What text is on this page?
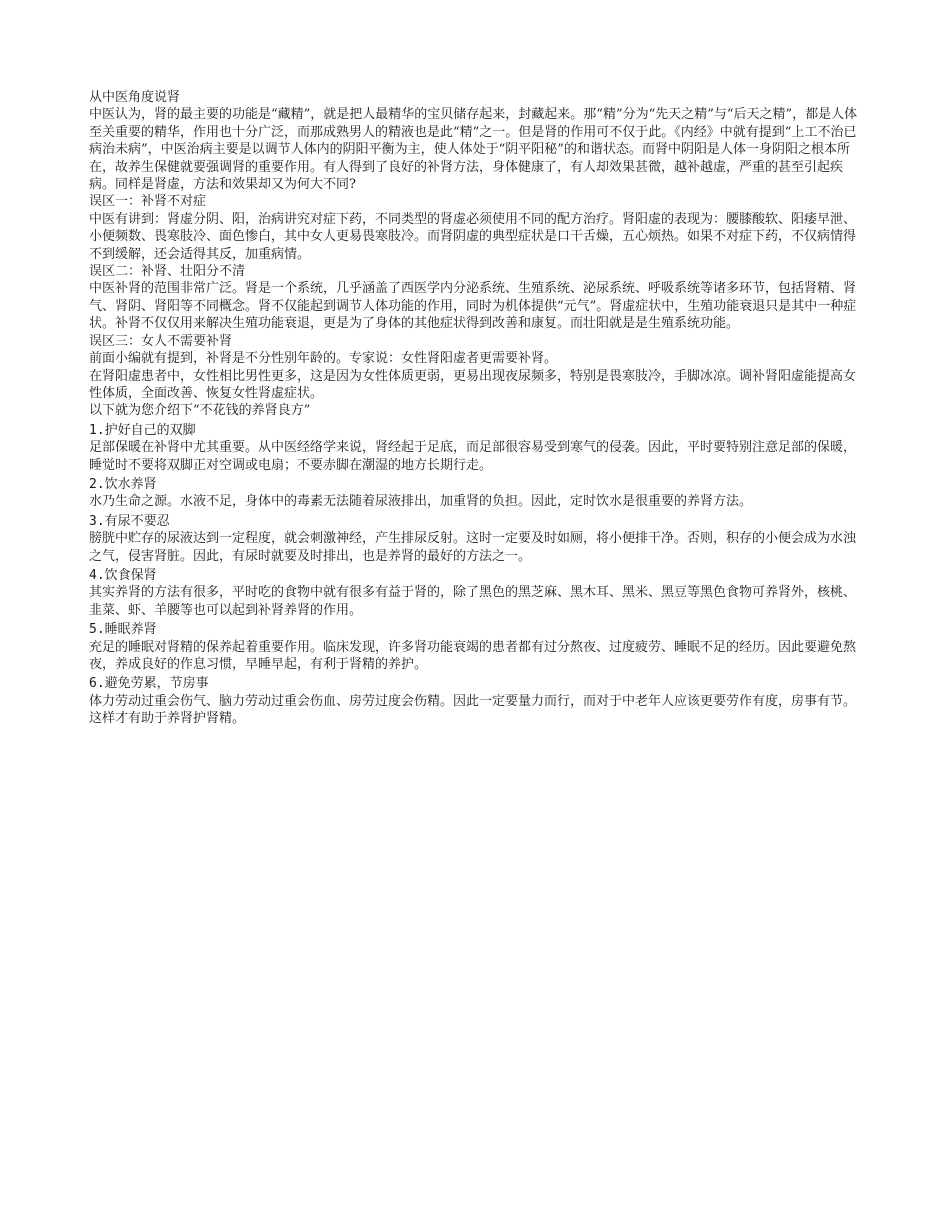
从中医角度说肾

中医认为，肾的最主要的功能是“藏精”，就是把人最精华的宝贝储存起来，封藏起来。那“精”分为“先天之精”与“后天之精”，都是人体至关重要的精华，作用也十分广泛，而那成熟男人的精液也是此“精”之一。但是肾的作用可不仅于此。《内经》中就有提到“上工不治已病治未病”，中医治病主要是以调节人体内的阴阳平衡为主，使人体处于“阴平阳秘”的和谐状态。而肾中阴阳是人体一身阴阳之根本所在，故养生保健就要强调肾的重要作用。有人得到了良好的补肾方法，身体健康了，有人却效果甚微，越补越虚，严重的甚至引起疾病。同样是肾虚，方法和效果却又为何大不同?

误区一：补肾不对症

中医有讲到：肾虚分阴、阳，治病讲究对症下药，不同类型的肾虚必须使用不同的配方治疗。肾阳虚的表现为：腰膝酸软、阳痿早泄、小便频数、畏寒肢冷、面色惨白，其中女人更易畏寒肢冷。而肾阴虚的典型症状是口干舌燥，五心烦热。如果不对症下药，不仅病情得不到缓解，还会适得其反，加重病情。

误区二：补肾、壮阳分不清

中医补肾的范围非常广泛。肾是一个系统，几乎涵盖了西医学内分泌系统、生殖系统、泌尿系统、呼吸系统等诸多环节，包括肾精、肾气、肾阴、肾阳等不同概念。肾不仅能起到调节人体功能的作用，同时为机体提供“元气”。肾虚症状中，生殖功能衰退只是其中一种症状。补肾不仅仅用来解决生殖功能衰退，更是为了身体的其他症状得到改善和康复。而壮阳就是是生殖系统功能。

误区三：女人不需要补肾

前面小编就有提到，补肾是不分性别年龄的。专家说：女性肾阳虚者更需要补肾。

在肾阳虚患者中，女性相比男性更多，这是因为女性体质更弱，更易出现夜尿频多，特别是畏寒肢冷，手脚冰凉。调补肾阳虚能提高女性体质，全面改善、恢复女性肾虚症状。

以下就为您介绍下“不花钱的养肾良方”

1.护好自己的双脚

足部保暖在补肾中尤其重要。从中医经络学来说，肾经起于足底，而足部很容易受到寒气的侵袭。因此，平时要特别注意足部的保暖，睡觉时不要将双脚正对空调或电扇；不要赤脚在潮湿的地方长期行走。

2.饮水养肾

水乃生命之源。水液不足，身体中的毒素无法随着尿液排出，加重肾的负担。因此，定时饮水是很重要的养肾方法。

3.有尿不要忍

膀胱中贮存的尿液达到一定程度，就会刺激神经，产生排尿反射。这时一定要及时如厕，将小便排干净。否则，积存的小便会成为水浊之气，侵害肾脏。因此，有尿时就要及时排出，也是养肾的最好的方法之一。

4.饮食保肾

其实养肾的方法有很多，平时吃的食物中就有很多有益于肾的，除了黑色的黑芝麻、黑木耳、黑米、黑豆等黑色食物可养肾外，核桃、韭菜、虾、羊腰等也可以起到补肾养肾的作用。

5.睡眠养肾

充足的睡眠对肾精的保养起着重要作用。临床发现，许多肾功能衰竭的患者都有过分熬夜、过度疲劳、睡眠不足的经历。因此要避免熬夜，养成良好的作息习惯，早睡早起，有利于肾精的养护。

6.避免劳累，节房事

体力劳动过重会伤气、脑力劳动过重会伤血、房劳过度会伤精。因此一定要量力而行，而对于中老年人应该更要劳作有度，房事有节。这样才有助于养肾护肾精。
